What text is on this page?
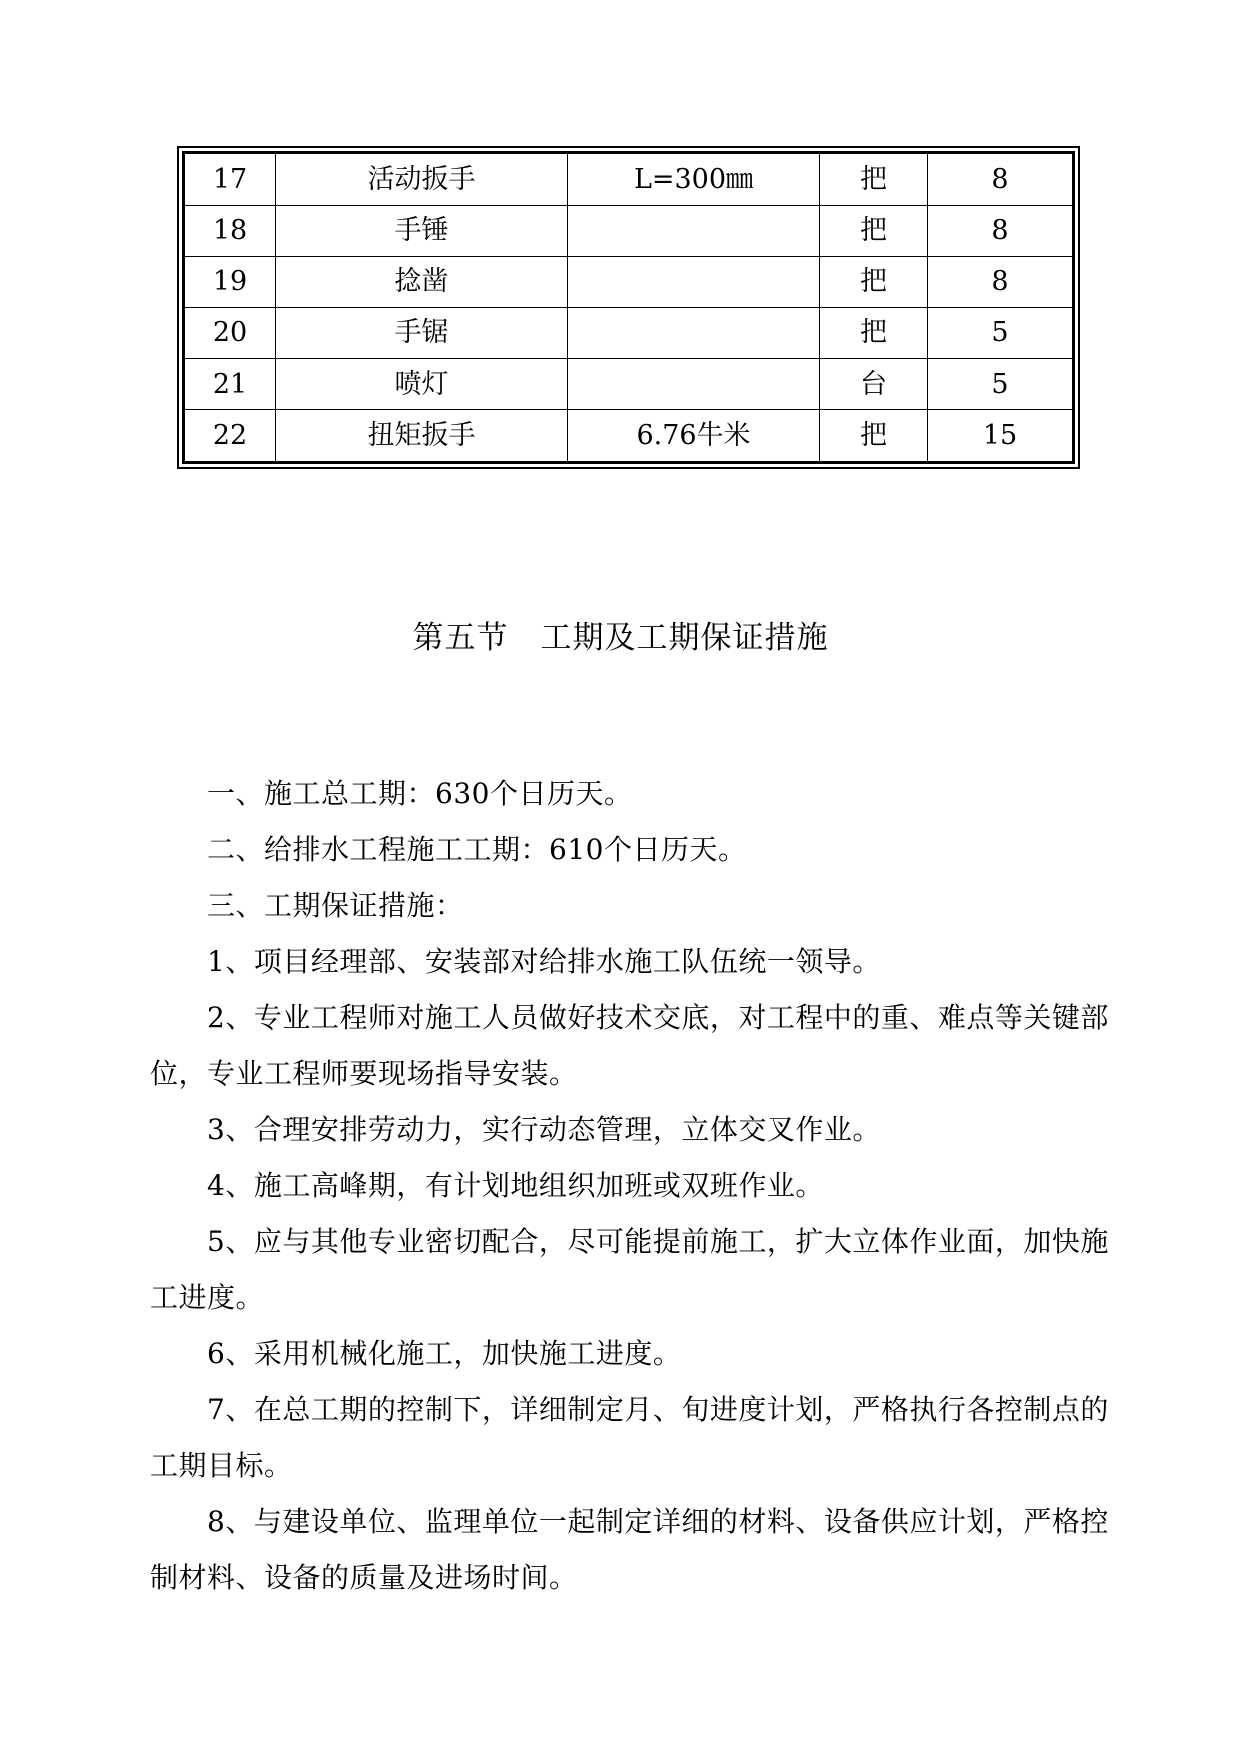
17	活动扳手	L=300㎜	把	8
18	手锤		把	8
19	捻凿		把	8
20	手锯		把	5
21	喷灯		台	5
22	扭矩扳手	6.76牛米	把	15
第五节　工期及工期保证措施

一、施工总工期：630个日历天。

二、给排水工程施工工期：610个日历天。

三、工期保证措施：

1、项目经理部、安装部对给排水施工队伍统一领导。

2、专业工程师对施工人员做好技术交底，对工程中的重、难点等关键部位，专业工程师要现场指导安装。

3、合理安排劳动力，实行动态管理，立体交叉作业。

4、施工高峰期，有计划地组织加班或双班作业。

5、应与其他专业密切配合，尽可能提前施工，扩大立体作业面，加快施工进度。

6、采用机械化施工，加快施工进度。

7、在总工期的控制下，详细制定月、旬进度计划，严格执行各控制点的工期目标。

8、与建设单位、监理单位一起制定详细的材料、设备供应计划，严格控制材料、设备的质量及进场时间。
